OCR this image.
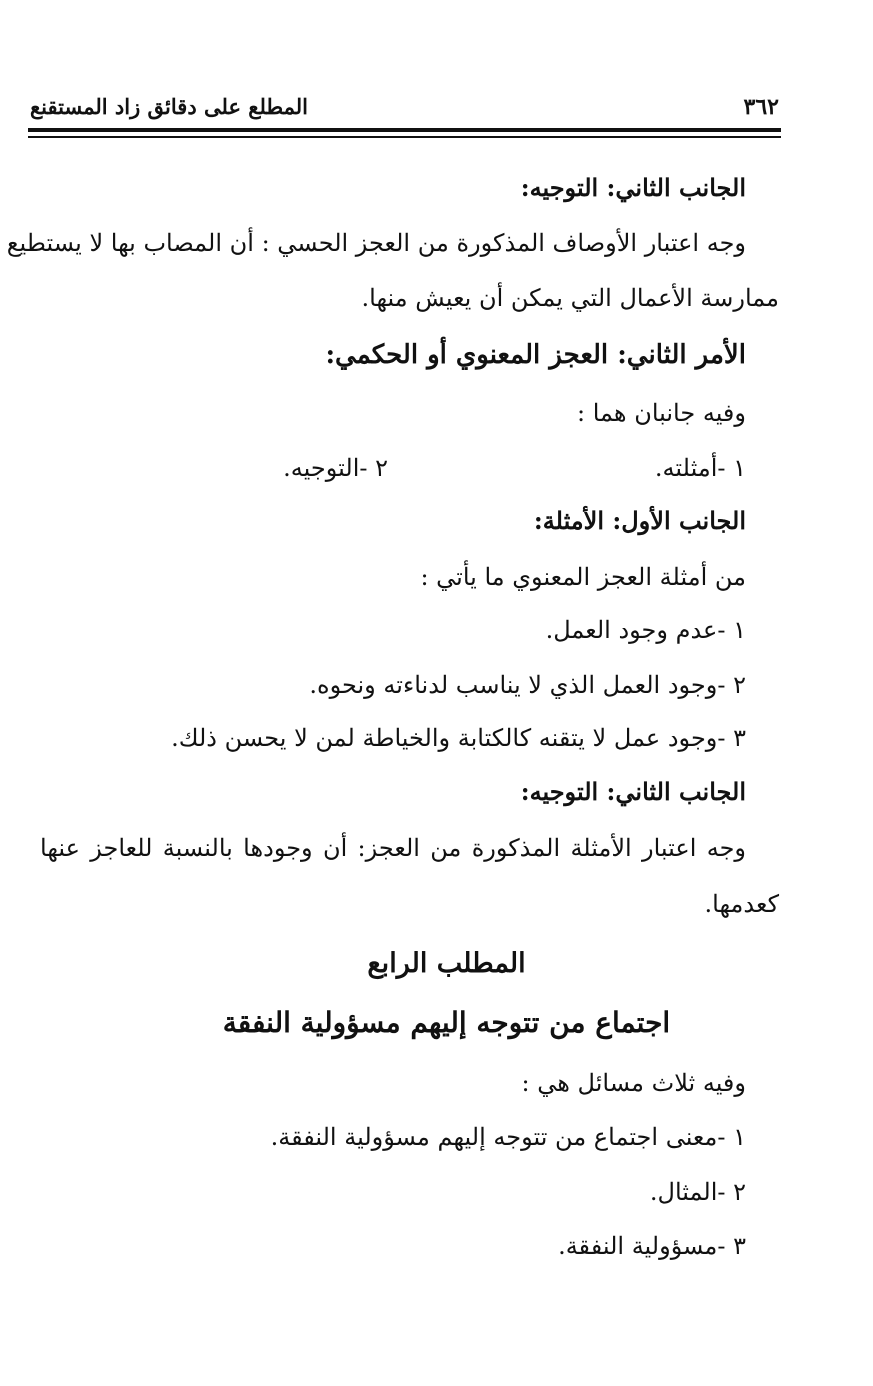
٣٦٢
المطلع على دقائق زاد المستقنع
الجانب الثاني: التوجيه:
وجه اعتبار الأوصاف المذكورة من العجز الحسي : أن المصاب بها لا يستطيع
ممارسة الأعمال التي يمكن أن يعيش منها.
الأمر الثاني: العجز المعنوي أو الحكمي:
وفيه جانبان هما :
١ -أمثلته.
٢ -التوجيه.
الجانب الأول: الأمثلة:
من أمثلة العجز المعنوي ما يأتي :
١ -عدم وجود العمل.
٢ -وجود العمل الذي لا يناسب لدناءته ونحوه.
٣ -وجود عمل لا يتقنه كالكتابة والخياطة لمن لا يحسن ذلك.
الجانب الثاني: التوجيه:
وجه اعتبار الأمثلة المذكورة من العجز: أن وجودها بالنسبة للعاجز عنها
كعدمها.
المطلب الرابع
اجتماع من تتوجه إليهم مسؤولية النفقة
وفيه ثلاث مسائل هي :
١ -معنى اجتماع من تتوجه إليهم مسؤولية النفقة.
٢ -المثال.
٣ -مسؤولية النفقة.
